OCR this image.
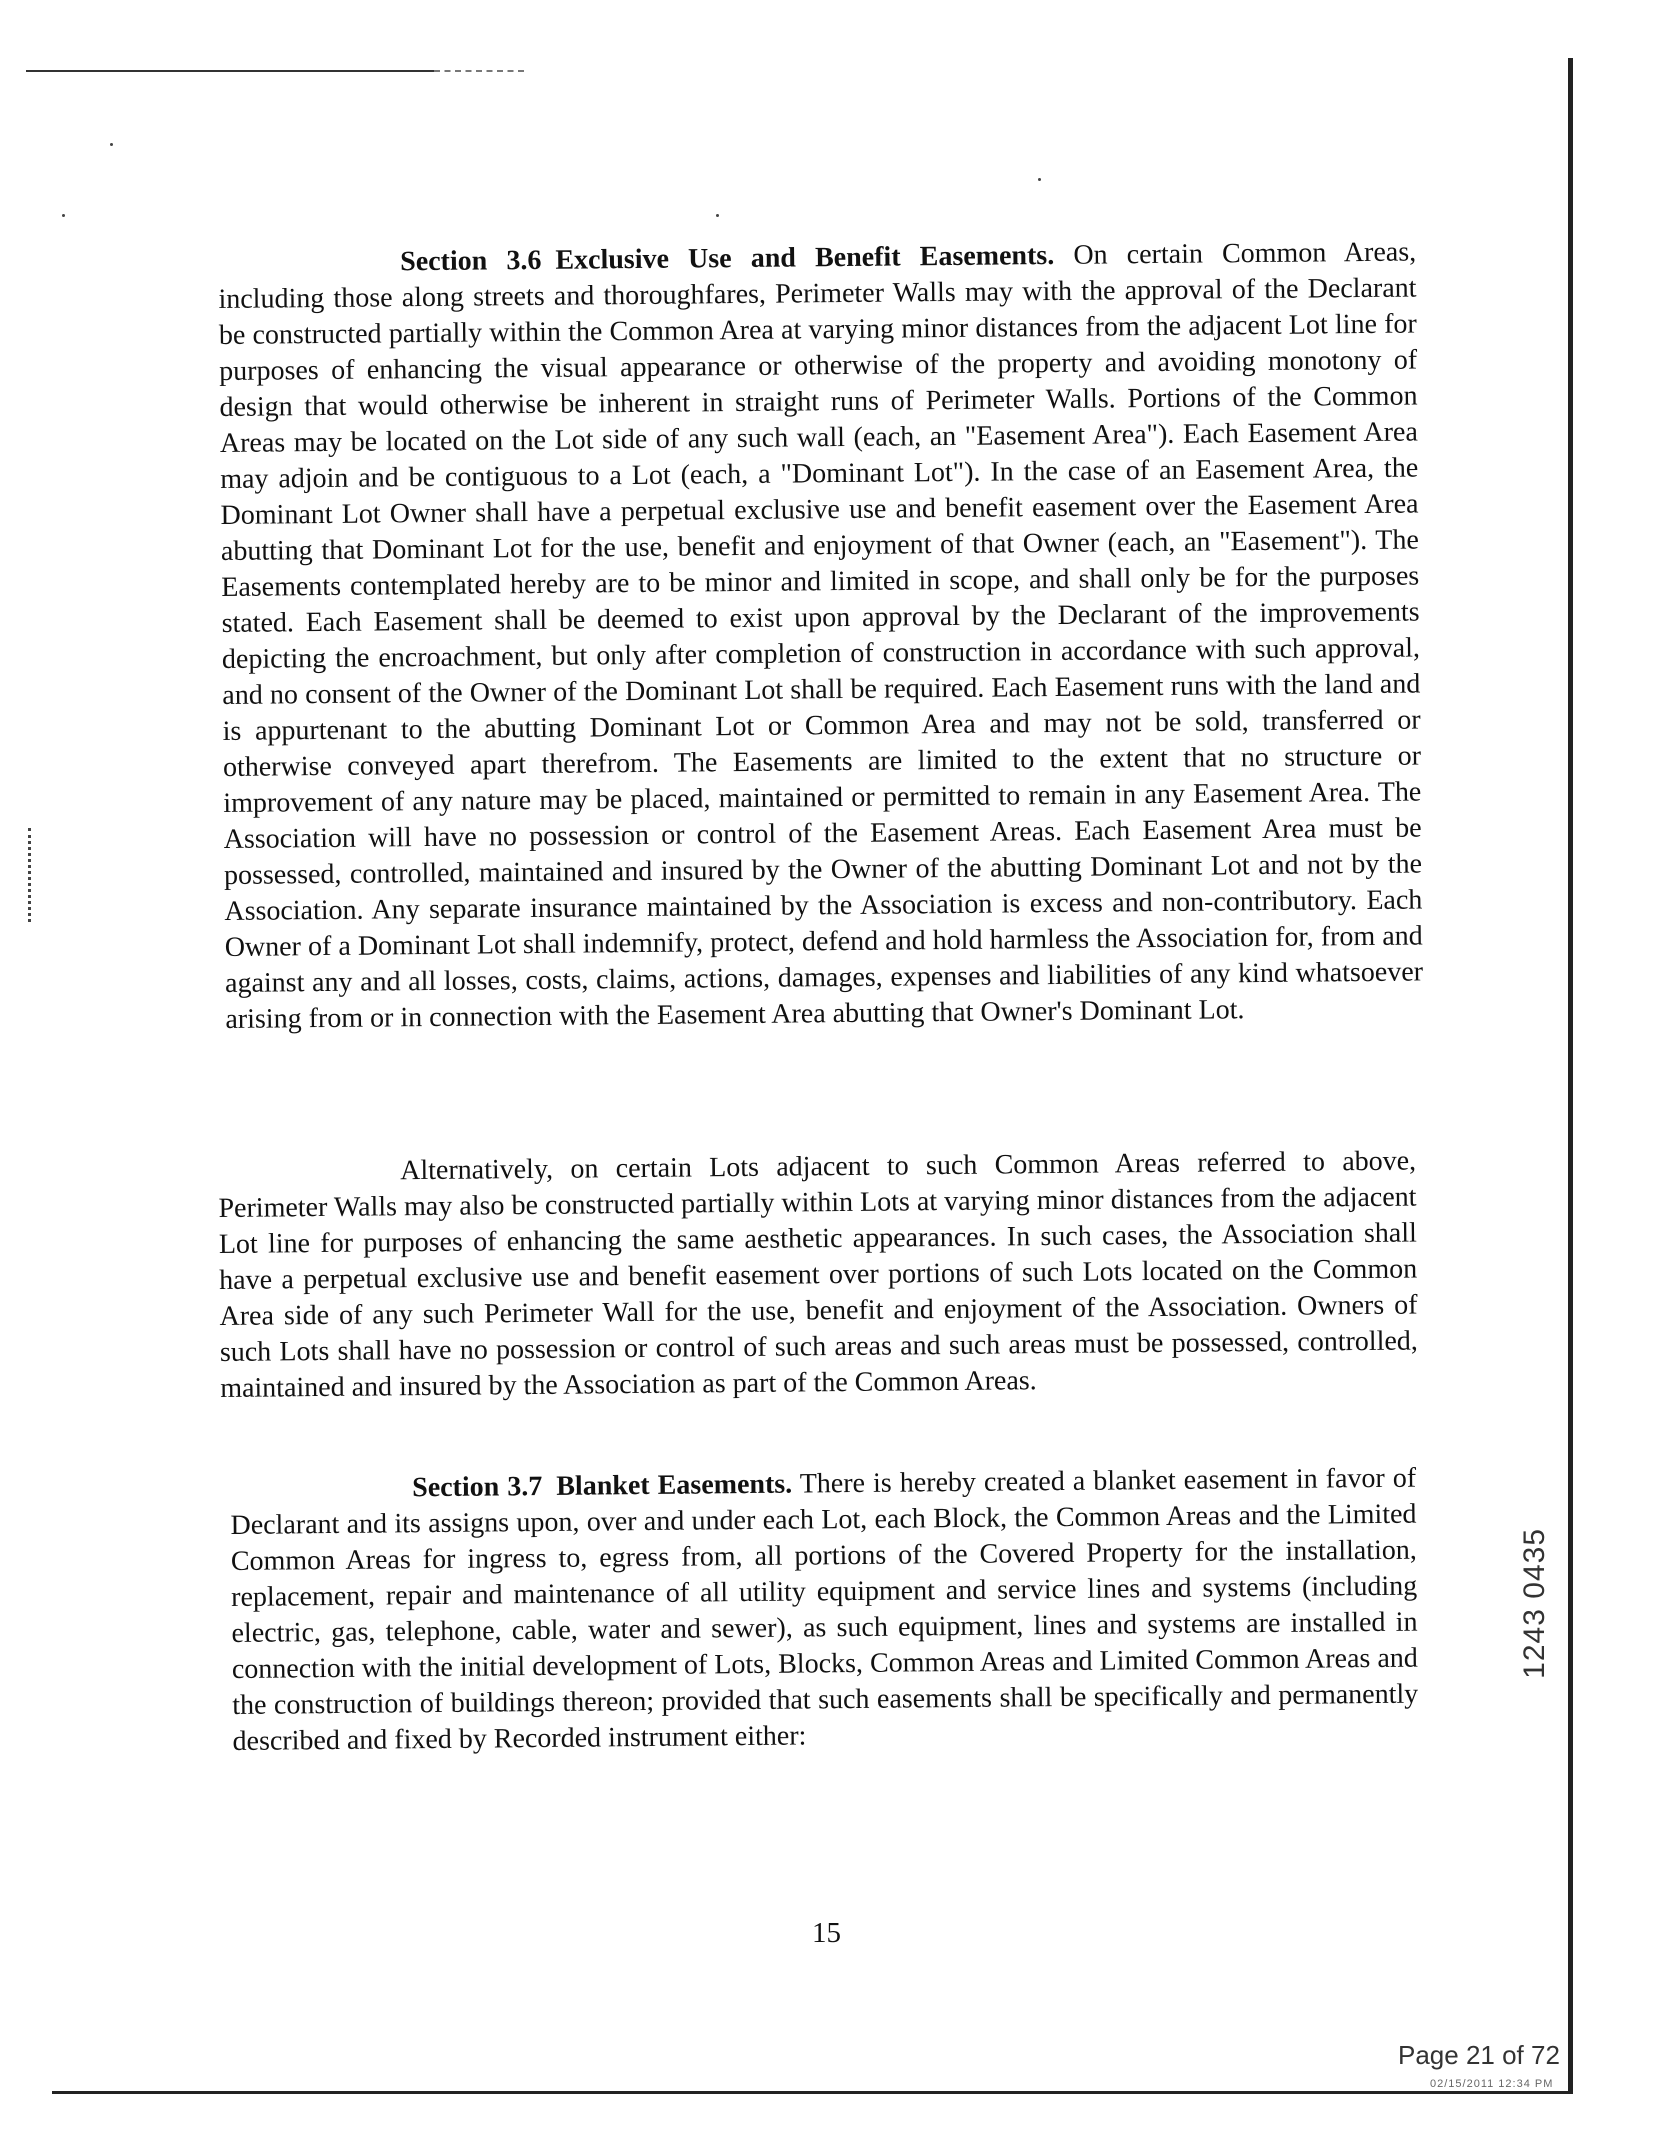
Section 3.6 Exclusive Use and Benefit Easements. On certain Common Areas, including those along streets and thoroughfares, Perimeter Walls may with the approval of the Declarant be constructed partially within the Common Area at varying minor distances from the adjacent Lot line for purposes of enhancing the visual appearance or otherwise of the property and avoiding monotony of design that would otherwise be inherent in straight runs of Perimeter Walls. Portions of the Common Areas may be located on the Lot side of any such wall (each, an "Easement Area"). Each Easement Area may adjoin and be contiguous to a Lot (each, a "Dominant Lot"). In the case of an Easement Area, the Dominant Lot Owner shall have a perpetual exclusive use and benefit easement over the Easement Area abutting that Dominant Lot for the use, benefit and enjoyment of that Owner (each, an "Easement"). The Easements contemplated hereby are to be minor and limited in scope, and shall only be for the purposes stated. Each Easement shall be deemed to exist upon approval by the Declarant of the improvements depicting the encroachment, but only after completion of construction in accordance with such approval, and no consent of the Owner of the Dominant Lot shall be required. Each Easement runs with the land and is appurtenant to the abutting Dominant Lot or Common Area and may not be sold, transferred or otherwise conveyed apart therefrom. The Easements are limited to the extent that no structure or improvement of any nature may be placed, maintained or permitted to remain in any Easement Area. The Association will have no possession or control of the Easement Areas. Each Easement Area must be possessed, controlled, maintained and insured by the Owner of the abutting Dominant Lot and not by the Association. Any separate insurance maintained by the Association is excess and non-contributory. Each Owner of a Dominant Lot shall indemnify, protect, defend and hold harmless the Association for, from and against any and all losses, costs, claims, actions, damages, expenses and liabilities of any kind whatsoever arising from or in connection with the Easement Area abutting that Owner's Dominant Lot.

Alternatively, on certain Lots adjacent to such Common Areas referred to above, Perimeter Walls may also be constructed partially within Lots at varying minor distances from the adjacent Lot line for purposes of enhancing the same aesthetic appearances. In such cases, the Association shall have a perpetual exclusive use and benefit easement over portions of such Lots located on the Common Area side of any such Perimeter Wall for the use, benefit and enjoyment of the Association. Owners of such Lots shall have no possession or control of such areas and such areas must be possessed, controlled, maintained and insured by the Association as part of the Common Areas.

Section 3.7 Blanket Easements. There is hereby created a blanket easement in favor of Declarant and its assigns upon, over and under each Lot, each Block, the Common Areas and the Limited Common Areas for ingress to, egress from, all portions of the Covered Property for the installation, replacement, repair and maintenance of all utility equipment and service lines and systems (including electric, gas, telephone, cable, water and sewer), as such equipment, lines and systems are installed in connection with the initial development of Lots, Blocks, Common Areas and Limited Common Areas and the construction of buildings thereon; provided that such easements shall be specifically and permanently described and fixed by Recorded instrument either:

15
1243 0435
Page 21 of 72
02/15/2011 12:34 PM
